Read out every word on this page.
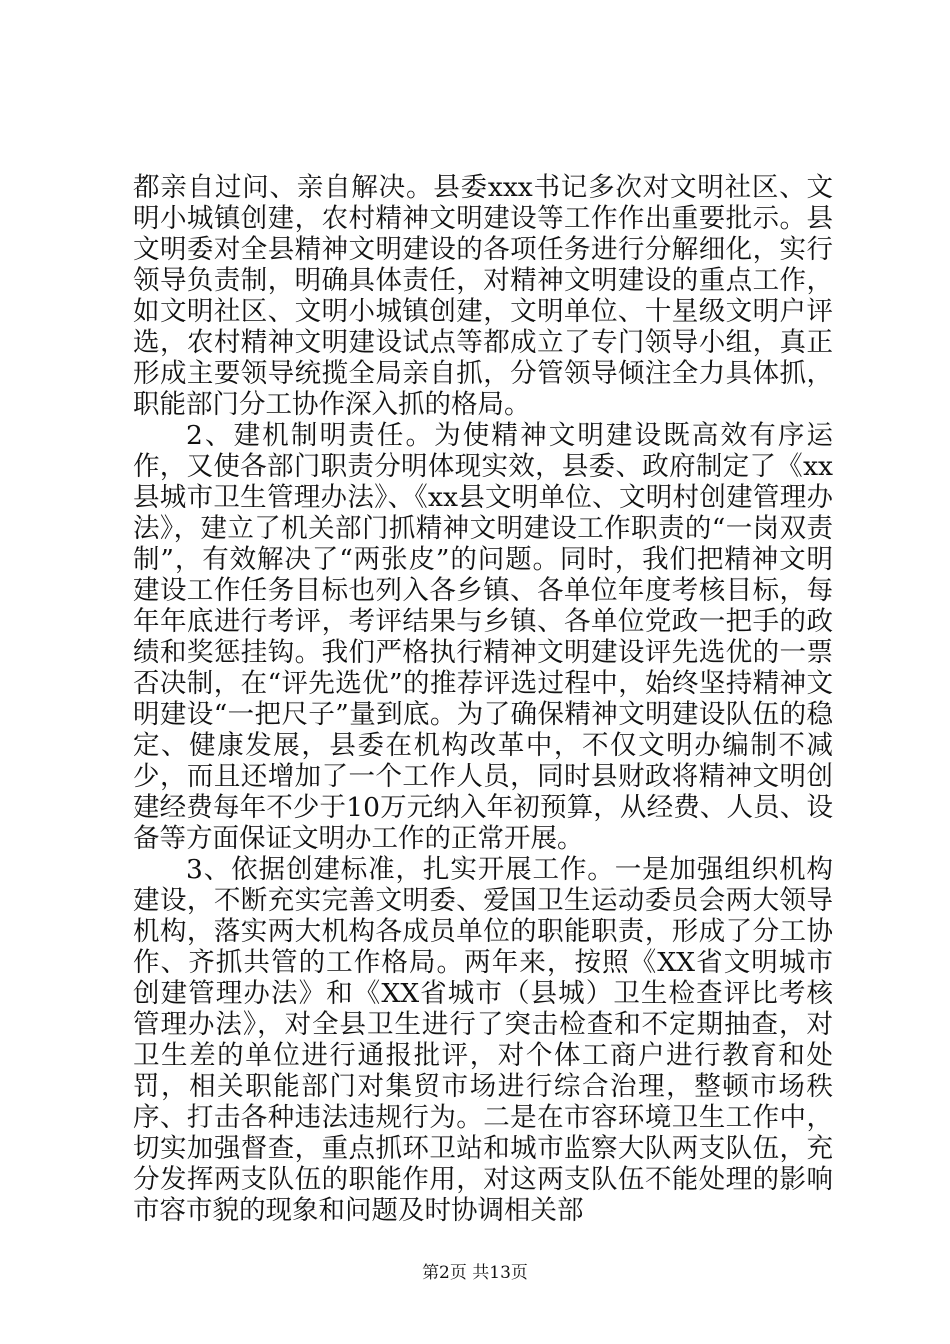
都亲自过问、亲自解决。县委xxx书记多次对文明社区、文明小城镇创建，农村精神文明建设等工作作出重要批示。县文明委对全县精神文明建设的各项任务进行分解细化，实行领导负责制，明确具体责任，对精神文明建设的重点工作，如文明社区、文明小城镇创建，文明单位、十星级文明户评选，农村精神文明建设试点等都成立了专门领导小组，真正形成主要领导统揽全局亲自抓，分管领导倾注全力具体抓，职能部门分工协作深入抓的格局。

2、建机制明责任。为使精神文明建设既高效有序运作，又使各部门职责分明体现实效，县委、政府制定了《xx县城市卫生管理办法》、《xx县文明单位、文明村创建管理办法》，建立了机关部门抓精神文明建设工作职责的“一岗双责制”，有效解决了“两张皮”的问题。同时，我们把精神文明建设工作任务目标也列入各乡镇、各单位年度考核目标，每年年底进行考评，考评结果与乡镇、各单位党政一把手的政绩和奖惩挂钩。我们严格执行精神文明建设评先选优的一票否决制，在“评先选优”的推荐评选过程中，始终坚持精神文明建设“一把尺子”量到底。为了确保精神文明建设队伍的稳定、健康发展，县委在机构改革中，不仅文明办编制不减少，而且还增加了一个工作人员，同时县财政将精神文明创建经费每年不少于10万元纳入年初预算，从经费、人员、设备等方面保证文明办工作的正常开展。

3、依据创建标准，扎实开展工作。一是加强组织机构建设，不断充实完善文明委、爱国卫生运动委员会两大领导机构，落实两大机构各成员单位的职能职责，形成了分工协作、齐抓共管的工作格局。两年来，按照《XX省文明城市创建管理办法》和《XX省城市（县城）卫生检查评比考核管理办法》，对全县卫生进行了突击检查和不定期抽查，对卫生差的单位进行通报批评，对个体工商户进行教育和处罚，相关职能部门对集贸市场进行综合治理，整顿市场秩序、打击各种违法违规行为。二是在市容环境卫生工作中，切实加强督查，重点抓环卫站和城市监察大队两支队伍，充分发挥两支队伍的职能作用，对这两支队伍不能处理的影响市容市貌的现象和问题及时协调相关部

第2页 共13页
